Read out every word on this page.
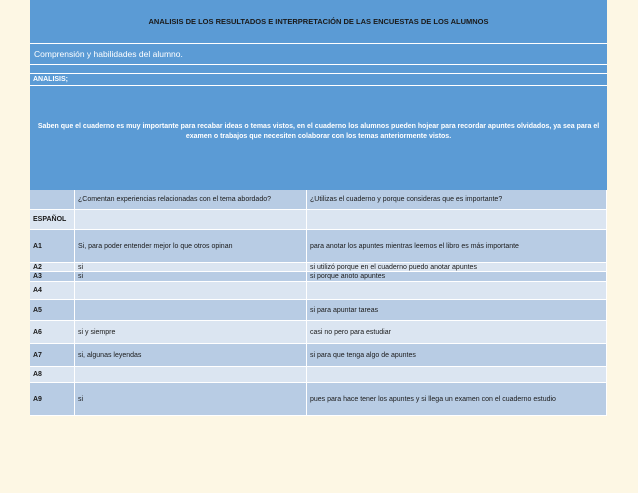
ANALISIS DE LOS RESULTADOS E INTERPRETACIÓN DE LAS ENCUESTAS DE LOS ALUMNOS
Comprensión y habilidades del alumno.
ANALISIS;
Saben que el cuaderno es muy importante para recabar ideas o temas vistos, en el cuaderno los alumnos pueden hojear para recordar apuntes olvidados, ya sea para el examen o trabajos que necesiten colaborar con los temas anteriormente vistos.
	¿Comentan experiencias relacionadas con el tema abordado?	¿Utilizas el cuaderno y porque consideras que es importante?
ESPAÑOL		
A1	Si, para poder entender mejor lo que otros opinan	para anotar los apuntes mientras leemos el libro es más importante
A2	si	si utilizó porque en el cuaderno puedo anotar apuntes
A3	si	si porque anoto apuntes
A4		
A5		si para apuntar tareas
A6	si y siempre	casi no pero para estudiar
A7	si, algunas leyendas	si para que tenga algo de apuntes
A8		
A9	si	pues para hace tener los apuntes y si llega un examen con el cuaderno estudio
